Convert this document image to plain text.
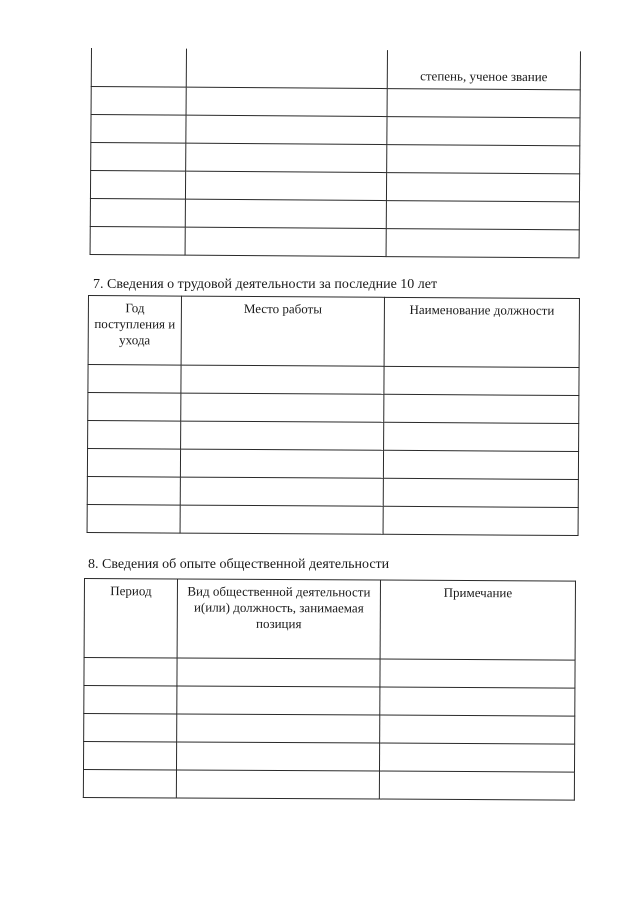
		степень, ученое звание

7. Сведения о трудовой деятельности за последние 10 лет
Год поступления и ухода	Место работы	Наименование должности

8. Сведения об опыте общественной деятельности
Период	Вид общественной деятельности и(или) должность, занимаемая позиция	Примечание
